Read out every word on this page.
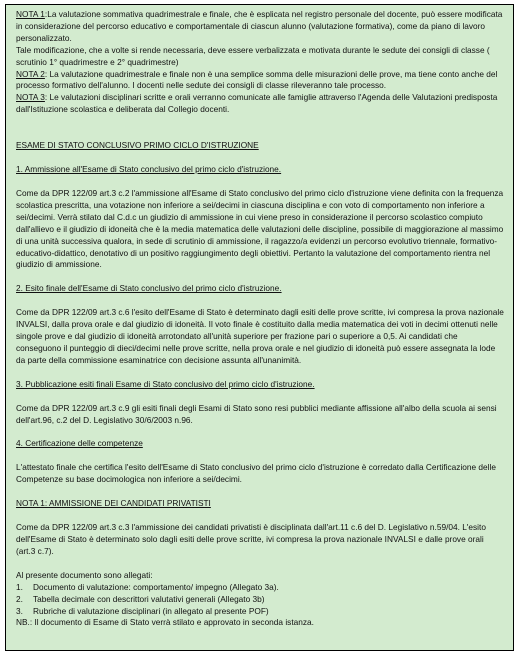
NOTA 1:La valutazione sommativa quadrimestrale e finale, che è esplicata nel registro personale del docente, può essere modificata in considerazione del percorso educativo e comportamentale di ciascun alunno (valutazione formativa), come da piano di lavoro personalizzato.

Tale modificazione, che a volte si rende necessaria, deve essere verbalizzata e motivata durante le sedute dei consigli di classe ( scrutinio 1° quadrimestre e 2° quadrimestre)

NOTA 2: La valutazione quadrimestrale e finale non è una semplice somma delle misurazioni delle prove, ma tiene conto anche del processo formativo dell'alunno. I docenti nelle sedute dei consigli di classe rileveranno tale processo.

NOTA 3: Le valutazioni disciplinari scritte e orali verranno comunicate alle famiglie attraverso l'Agenda delle Valutazioni predisposta dall'Istituzione scolastica e deliberata dal Collegio docenti.

ESAME DI STATO CONCLUSIVO PRIMO CICLO D'ISTRUZIONE

1. Ammissione all'Esame di Stato conclusivo del primo ciclo d'istruzione.

Come da DPR 122/09 art.3 c.2 l'ammissione all'Esame di Stato conclusivo del primo ciclo d'istruzione viene definita con la frequenza scolastica prescritta, una votazione non inferiore a sei/decimi in ciascuna disciplina e con voto di comportamento non inferiore a sei/decimi. Verrà stilato dal C.d.c un giudizio di ammissione in cui viene preso in considerazione il percorso scolastico compiuto dall'allievo e il giudizio di idoneità che è la media matematica delle valutazioni delle discipline, possibile di maggiorazione al massimo di una unità successiva qualora, in sede di scrutinio di ammissione, il ragazzo/a evidenzi un percorso evolutivo triennale, formativo-educativo-didattico, denotativo di un positivo raggiungimento degli obiettivi. Pertanto la valutazione del comportamento rientra nel giudizio di ammissione.

2. Esito finale dell'Esame di Stato conclusivo del primo ciclo d'istruzione.

Come da DPR 122/09 art.3 c.6 l'esito dell'Esame di Stato è determinato dagli esiti delle prove scritte, ivi compresa la prova nazionale INVALSI, dalla prova orale e dal giudizio di idoneità. Il voto finale è costituito dalla media matematica dei voti in decimi ottenuti nelle singole prove e dal giudizio di idoneità arrotondato all'unità superiore per frazione pari o superiore a 0,5. Ai candidati che conseguono il punteggio di dieci/decimi nelle prove scritte, nella prova orale e nel giudizio di idoneità può essere assegnata la lode da parte della commissione esaminatrice con decisione assunta all'unanimità.

3. Pubblicazione esiti finali Esame di Stato conclusivo del primo ciclo d'istruzione.

Come da DPR 122/09 art.3 c.9 gli esiti finali degli Esami di Stato sono resi pubblici mediante affissione all'albo della scuola ai sensi dell'art.96, c.2 del D. Legislativo 30/6/2003 n.96.

4. Certificazione delle competenze

L'attestato finale che certifica l'esito dell'Esame di Stato conclusivo del primo ciclo d'istruzione è corredato dalla Certificazione delle Competenze su base docimologica non inferiore a sei/decimi.

NOTA 1: AMMISSIONE DEI CANDIDATI PRIVATISTI

Come da DPR 122/09 art.3 c.3 l'ammissione dei candidati privatisti è disciplinata dall'art.11 c.6 del D. Legislativo n.59/04. L'esito dell'Esame di Stato è determinato solo dagli esiti delle prove scritte, ivi compresa la prova nazionale INVALSI e dalle prove orali (art.3 c.7).

Al presente documento sono allegati:

1.	Documento di valutazione: comportamento/ impegno (Allegato 3a).
2.	Tabella decimale con descrittori valutativi generali (Allegato 3b)
3.	Rubriche di valutazione disciplinari (in allegato al presente POF)

NB.: Il documento di Esame di Stato verrà stilato e approvato in seconda istanza.
